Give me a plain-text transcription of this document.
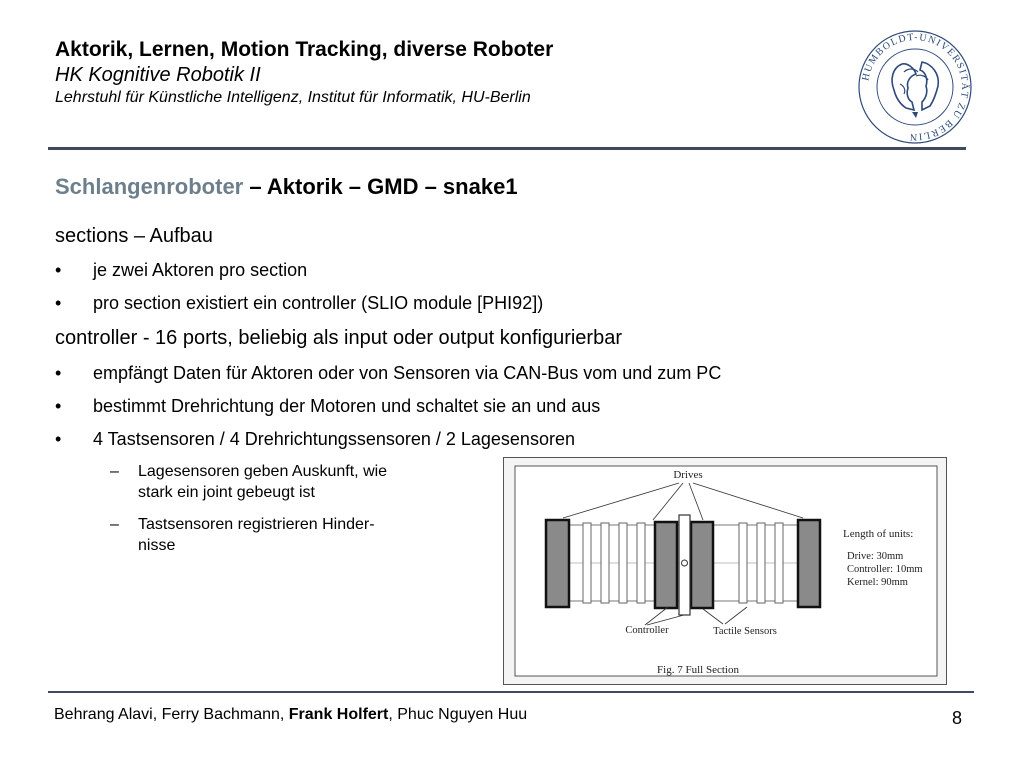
Aktorik, Lernen, Motion Tracking, diverse Roboter
HK Kognitive Robotik II
Lehrstuhl für Künstliche Intelligenz, Institut für Informatik, HU-Berlin
HUMBOLDT-UNIVERSITÄT ZU BERLIN
Schlangenroboter – Aktorik – GMD – snake1
sections – Aufbau
• je zwei Aktoren pro section
• pro section existiert ein controller (SLIO module [PHI92])
controller - 16 ports, beliebig als input oder output konfigurierbar
• empfängt Daten für Aktoren oder von Sensoren via CAN-Bus vom und zum PC
• bestimmt Drehrichtung der Motoren und schaltet sie an und aus
• 4 Tastsensoren / 4 Drehrichtungssensoren / 2 Lagesensoren
– Lagesensoren geben Auskunft, wie
stark ein joint gebeugt ist
– Tastsensoren registrieren Hinder-
nisse
Drives
Length of units:
Drive: 30mm
Controller: 10mm
Kernel: 90mm
Controller	Tactile Sensors
Fig. 7 Full Section
Behrang Alavi, Ferry Bachmann, Frank Holfert, Phuc Nguyen Huu	8
